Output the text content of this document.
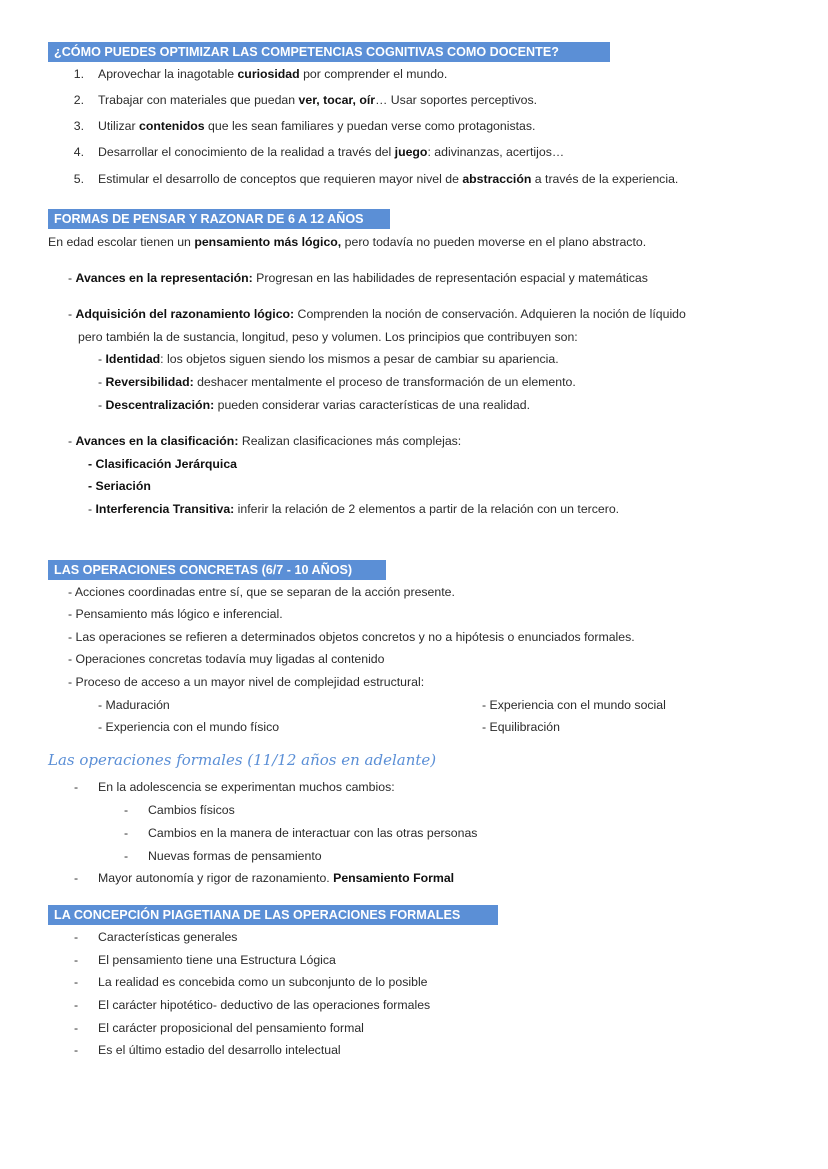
¿CÓMO PUEDES OPTIMIZAR LAS COMPETENCIAS COGNITIVAS COMO DOCENTE?
1. Aprovechar la inagotable curiosidad por comprender el mundo.
2. Trabajar con materiales que puedan ver, tocar, oír… Usar soportes perceptivos.
3. Utilizar contenidos que les sean familiares y puedan verse como protagonistas.
4. Desarrollar el conocimiento de la realidad a través del juego: adivinanzas, acertijos…
5. Estimular el desarrollo de conceptos que requieren mayor nivel de abstracción a través de la experiencia.
FORMAS DE PENSAR Y RAZONAR DE 6 A 12 AÑOS
En edad escolar tienen un pensamiento más lógico, pero todavía no pueden moverse en el plano abstracto.
- Avances en la representación: Progresan en las habilidades de representación espacial y matemáticas
- Adquisición del razonamiento lógico: Comprenden la noción de conservación. Adquieren la noción de líquido
pero también la de sustancia, longitud, peso y volumen. Los principios que contribuyen son:
- Identidad: los objetos siguen siendo los mismos a pesar de cambiar su apariencia.
- Reversibilidad: deshacer mentalmente el proceso de transformación de un elemento.
- Descentralización: pueden considerar varias características de una realidad.
- Avances en la clasificación: Realizan clasificaciones más complejas:
- Clasificación Jerárquica
- Seriación
- Interferencia Transitiva: inferir la relación de 2 elementos a partir de la relación con un tercero.
LAS OPERACIONES CONCRETAS (6/7 - 10 AÑOS)
- Acciones coordinadas entre sí, que se separan de la acción presente.
- Pensamiento más lógico e inferencial.
- Las operaciones se refieren a determinados objetos concretos y no a hipótesis o enunciados formales.
- Operaciones concretas todavía muy ligadas al contenido
- Proceso de acceso a un mayor nivel de complejidad estructural:
- Maduración
- Experiencia con el mundo físico
- Experiencia con el mundo social
- Equilibración
Las operaciones formales (11/12 años en adelante)
- En la adolescencia se experimentan muchos cambios:
- Cambios físicos
- Cambios en la manera de interactuar con las otras personas
- Nuevas formas de pensamiento
- Mayor autonomía y rigor de razonamiento. Pensamiento Formal
LA CONCEPCIÓN PIAGETIANA DE LAS OPERACIONES FORMALES
- Características generales
- El pensamiento tiene una Estructura Lógica
- La realidad es concebida como un subconjunto de lo posible
- El carácter hipotético- deductivo de las operaciones formales
- El carácter proposicional del pensamiento formal
- Es el último estadio del desarrollo intelectual
